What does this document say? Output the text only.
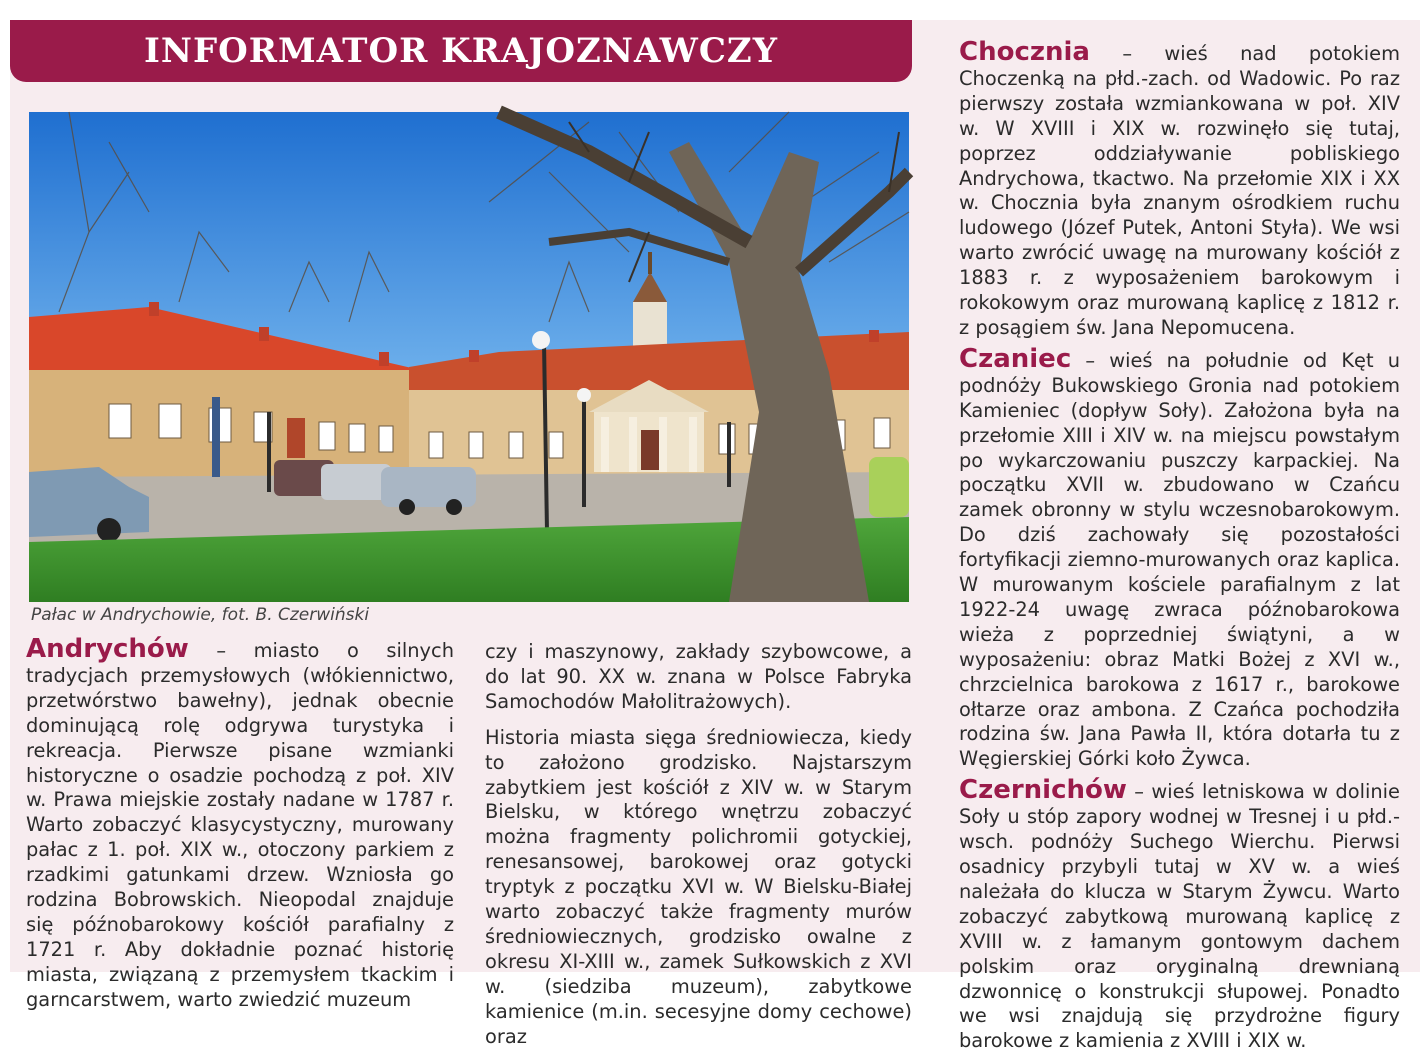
INFORMATOR KRAJOZNAWCZY
Pałac w Andrychowie, fot. B. Czerwiński

Andrychów – miasto o silnych tradycjach przemysłowych (włókiennictwo, przetwórstwo bawełny), jednak obecnie dominującą rolę odgrywa turystyka i rekreacja. Pierwsze pisane wzmianki historyczne o osadzie pochodzą z poł. XIV w. Prawa miejskie zostały nadane w 1787 r. Warto zobaczyć klasycystyczny, murowany pałac z 1. poł. XIX w., otoczony parkiem z rzadkimi gatunkami drzew. Wzniosła go rodzina Bobrowskich. Nieopodal znajduje się późnobarokowy kościół parafialny z 1721 r. Aby dokładnie poznać historię miasta, związaną z przemysłem tkackim i garncarstwem, warto zwiedzić muzeum

czy i maszynowy, zakłady szybowcowe, a do lat 90. XX w. znana w Polsce Fabryka Samochodów Małolitrażowych).

Historia miasta sięga średniowiecza, kiedy to założono grodzisko. Najstarszym zabytkiem jest kościół z XIV w. w Starym Bielsku, w którego wnętrzu zobaczyć można fragmenty polichromii gotyckiej, renesansowej, barokowej oraz gotycki tryptyk z początku XVI w. W Bielsku-Białej warto zobaczyć także fragmenty murów średniowiecznych, grodzisko owalne z okresu XI-XIII w., zamek Sułkowskich z XVI w. (siedziba muzeum), zabytkowe kamienice (m.in. secesyjne domy cechowe) oraz

Chocznia – wieś nad potokiem Choczenką na płd.-zach. od Wadowic. Po raz pierwszy została wzmiankowana w poł. XIV w. W XVIII i XIX w. rozwinęło się tutaj, poprzez oddziaływanie pobliskiego Andrychowa, tkactwo. Na przełomie XIX i XX w. Chocznia była znanym ośrodkiem ruchu ludowego (Józef Putek, Antoni Styła). We wsi warto zwrócić uwagę na murowany kościół z 1883 r. z wyposażeniem barokowym i rokokowym oraz murowaną kaplicę z 1812 r. z posągiem św. Jana Nepomucena.

Czaniec – wieś na południe od Kęt u podnóży Bukowskiego Gronia nad potokiem Kamieniec (dopływ Soły). Założona była na przełomie XIII i XIV w. na miejscu powstałym po wykarczowaniu puszczy karpackiej. Na początku XVII w. zbudowano w Czańcu zamek obronny w stylu wczesnobarokowym. Do dziś zachowały się pozostałości fortyfikacji ziemno-murowanych oraz kaplica. W murowanym kościele parafialnym z lat 1922-24 uwagę zwraca późnobarokowa wieża z poprzedniej świątyni, a w wyposażeniu: obraz Matki Bożej z XVI w., chrzcielnica barokowa z 1617 r., barokowe ołtarze oraz ambona. Z Czańca pochodziła rodzina św. Jana Pawła II, która dotarła tu z Węgierskiej Górki koło Żywca.

Czernichów – wieś letniskowa w dolinie Soły u stóp zapory wodnej w Tresnej i u płd.-wsch. podnóży Suchego Wierchu. Pierwsi osadnicy przybyli tutaj w XV w. a wieś należała do klucza w Starym Żywcu. Warto zobaczyć zabytkową murowaną kaplicę z XVIII w. z łamanym gontowym dachem polskim oraz oryginalną drewnianą dzwonnicę o konstrukcji słupowej. Ponadto we wsi znajdują się przydrożne figury barokowe z kamienia z XVIII i XIX w.
